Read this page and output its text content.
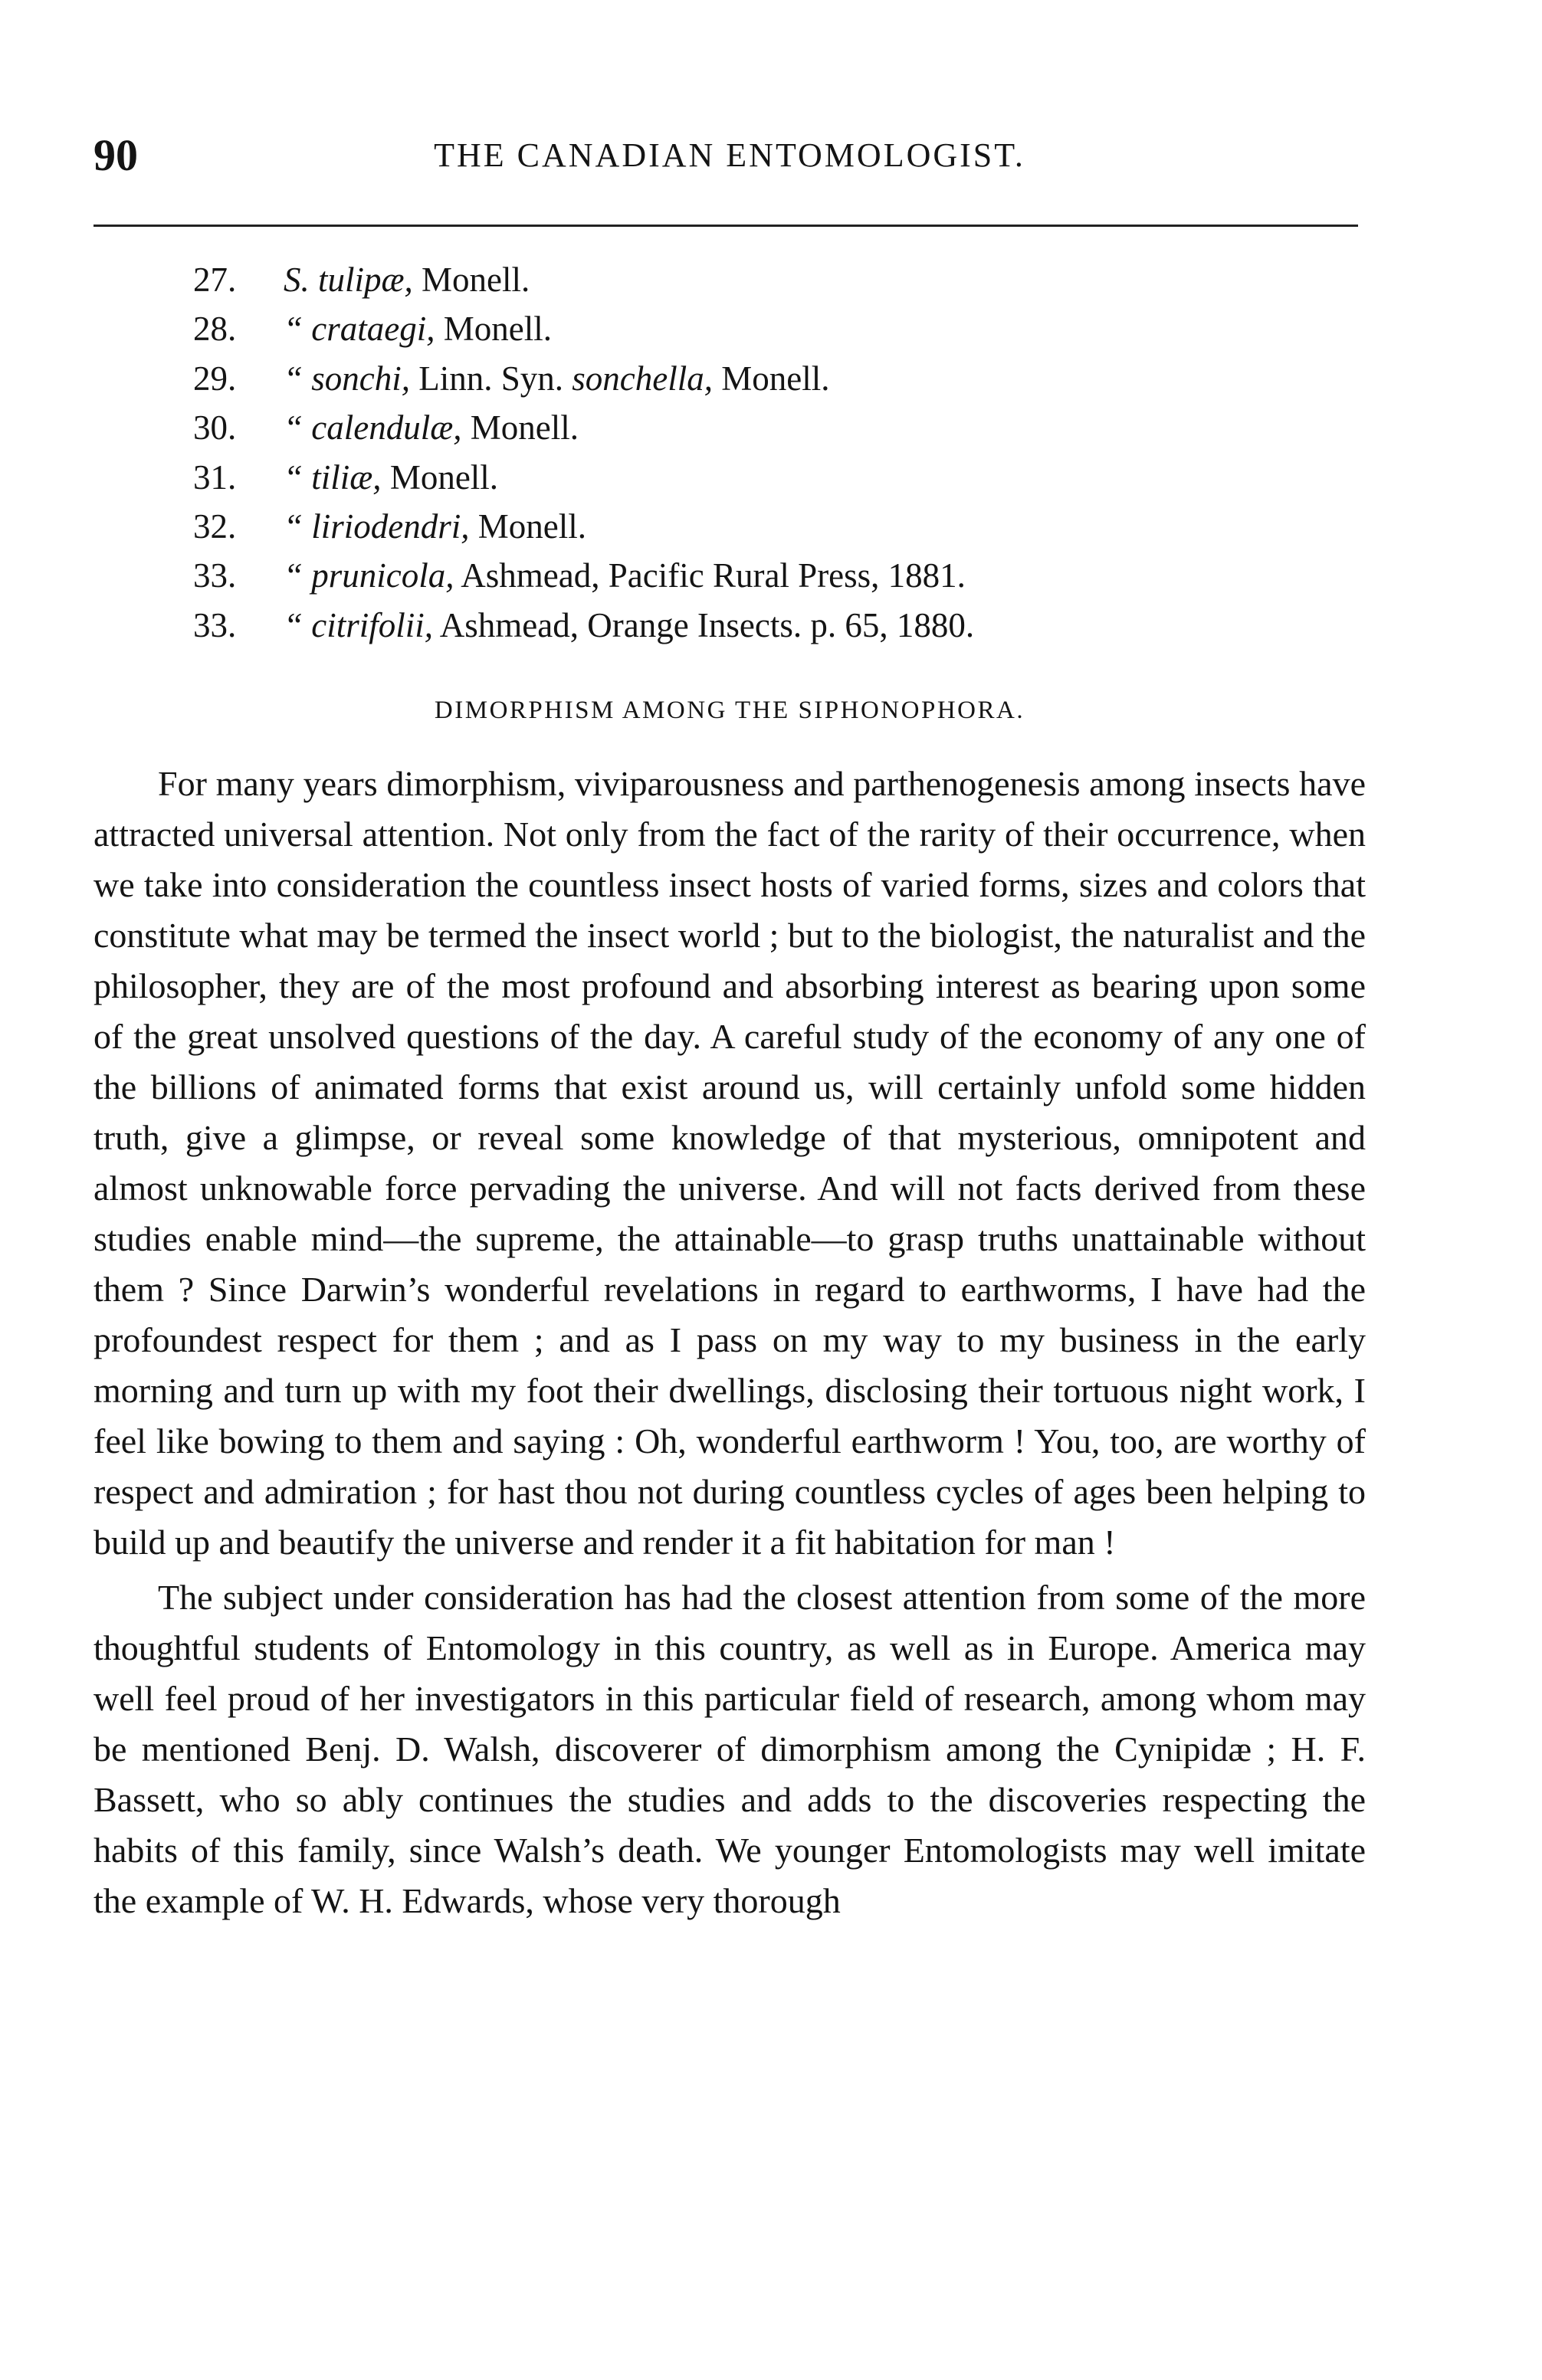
90	THE CANADIAN ENTOMOLOGIST.
27. S. tulipæ, Monell.
28. “ crataegi, Monell.
29. “ sonchi, Linn. Syn. sonchella, Monell.
30. “ calendulæ, Monell.
31. “ tiliæ, Monell.
32. “ liriodendri, Monell.
33. “ prunicola, Ashmead, Pacific Rural Press, 1881.
33. “ citrifolii, Ashmead, Orange Insects. p. 65, 1880.
DIMORPHISM AMONG THE SIPHONOPHORA.

For many years dimorphism, viviparousness and parthenogenesis among insects have attracted universal attention. Not only from the fact of the rarity of their occurrence, when we take into consideration the countless insect hosts of varied forms, sizes and colors that constitute what may be termed the insect world ; but to the biologist, the naturalist and the philosopher, they are of the most profound and absorbing interest as bearing upon some of the great unsolved questions of the day. A careful study of the economy of any one of the billions of animated forms that exist around us, will certainly unfold some hidden truth, give a glimpse, or reveal some knowledge of that mysterious, omnipotent and almost unknowable force pervading the universe. And will not facts derived from these studies enable mind—the supreme, the attainable—to grasp truths unattainable without them ? Since Darwin’s wonderful revelations in regard to earthworms, I have had the profoundest respect for them ; and as I pass on my way to my business in the early morning and turn up with my foot their dwellings, disclosing their tortuous night work, I feel like bowing to them and saying : Oh, wonderful earthworm ! You, too, are worthy of respect and admiration ; for hast thou not during countless cycles of ages been helping to build up and beautify the universe and render it a fit habitation for man !

The subject under consideration has had the closest attention from some of the more thoughtful students of Entomology in this country, as well as in Europe. America may well feel proud of her investigators in this particular field of research, among whom may be mentioned Benj. D. Walsh, discoverer of dimorphism among the Cynipidæ ; H. F. Bassett, who so ably continues the studies and adds to the discoveries respecting the habits of this family, since Walsh’s death. We younger Entomologists may well imitate the example of W. H. Edwards, whose very thorough
